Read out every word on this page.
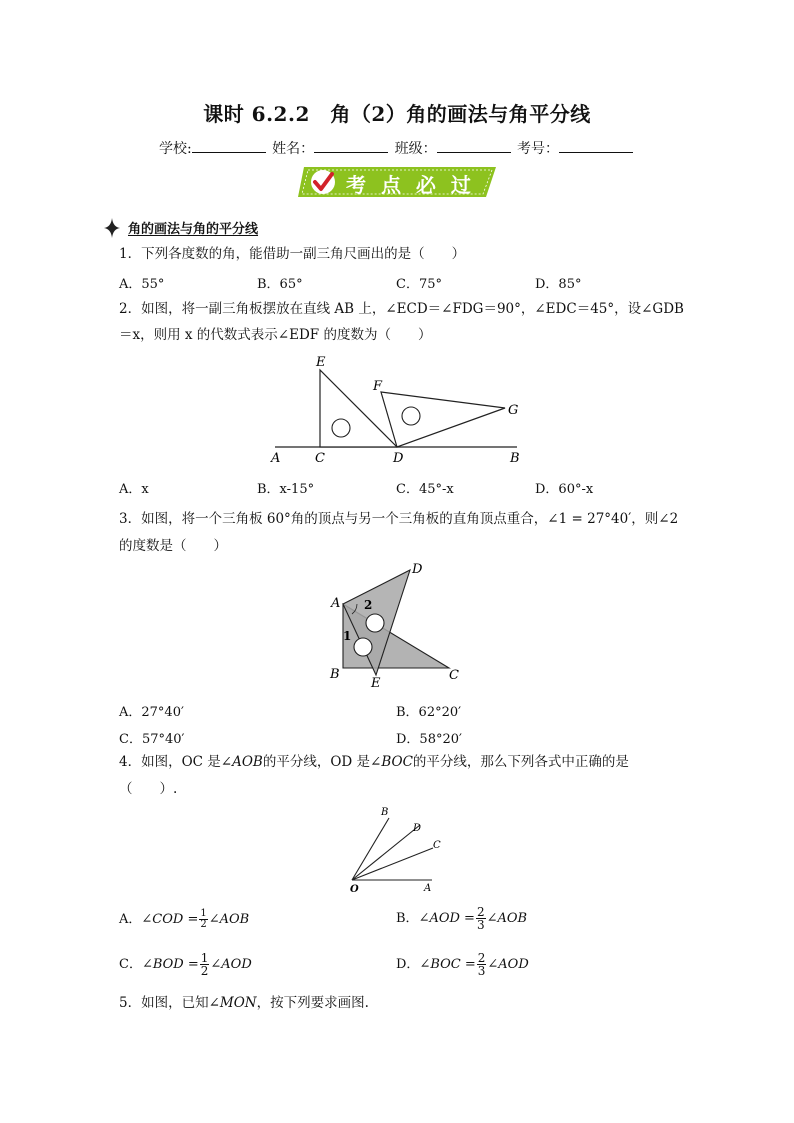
课时 6.2.2　角（2）角的画法与角平分线
学校:	姓名：	班级：	考号：
考 点 必 过
角的画法与角的平分线
1．下列各度数的角，能借助一副三角尺画出的是（　　）
A．55°	B．65°	C．75°	D．85°
2．如图，将一副三角板摆放在直线 AB 上，∠ECD＝∠FDG＝90°，∠EDC＝45°，设∠GDB
＝x，则用 x 的代数式表示∠EDF 的度数为（　　）
E
F
G
A	C	D	B
A．x	B．x-15°	C．45°-x	D．60°-x
3．如图，将一个三角板 60°角的顶点与另一个三角板的直角顶点重合，∠1 = 27°40′，则∠2
的度数是（　　）
A
D
B
E
C
1
2
A．27°40′	B．62°20′
C．57°40′	D．58°20′
4．如图，OC 是∠AOB的平分线，OD 是∠BOC的平分线，那么下列各式中正确的是
（　　）.
O	A
B
D
C
A．∠COD = $\frac{1}{2}$ ∠AOB	B．∠AOD = $\frac{2}{3}$ ∠AOB
C．∠BOD = $\frac{1}{2}$ ∠AOD	D．∠BOC = $\frac{2}{3}$ ∠AOD
5．如图，已知∠MON，按下列要求画图.
